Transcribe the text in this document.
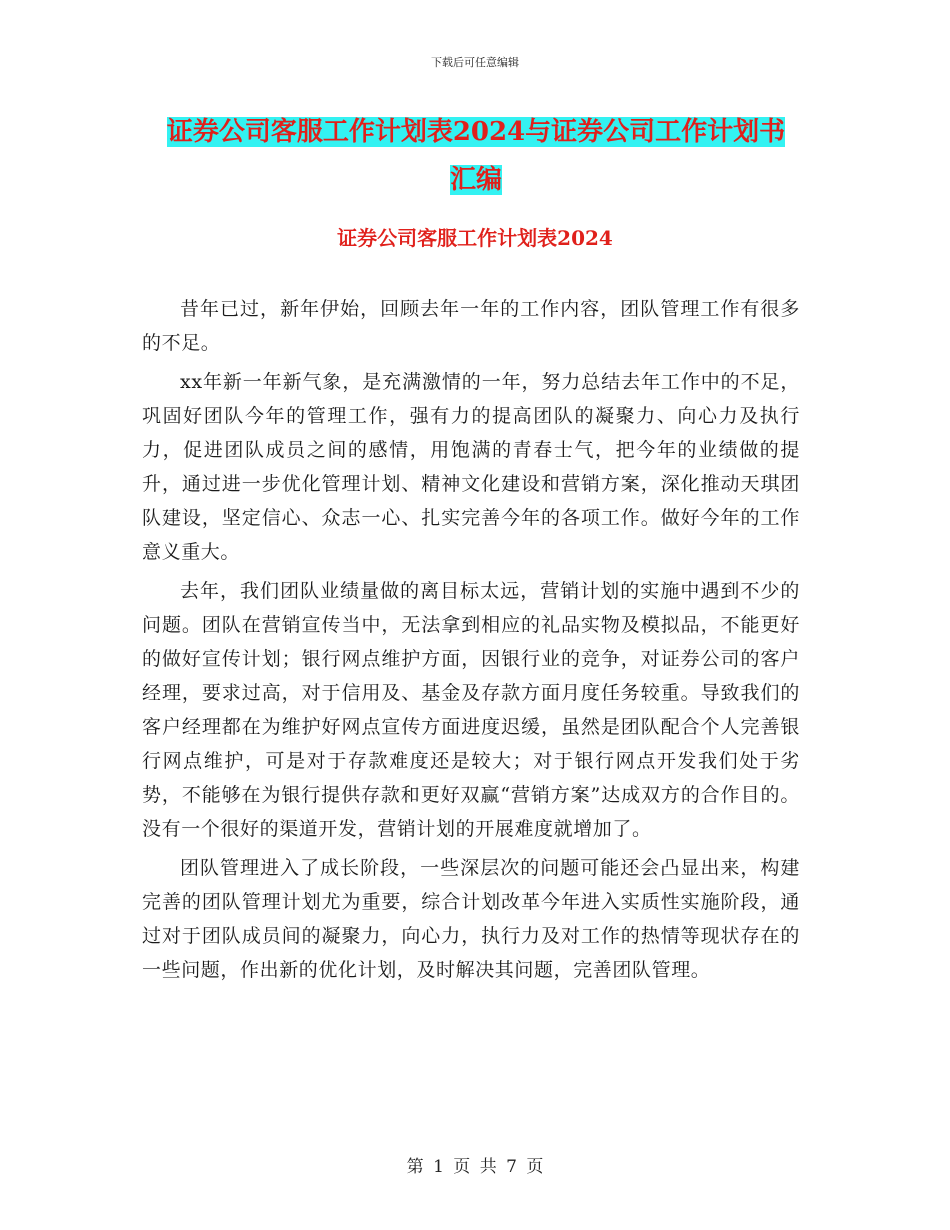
下载后可任意编辑
证券公司客服工作计划表2024与证券公司工作计划书
汇编
证券公司客服工作计划表2024

昔年已过，新年伊始，回顾去年一年的工作内容，团队管理工作有很多的不足。

xx年新一年新气象，是充满激情的一年，努力总结去年工作中的不足，巩固好团队今年的管理工作，强有力的提高团队的凝聚力、向心力及执行力，促进团队成员之间的感情，用饱满的青春士气，把今年的业绩做的提升，通过进一步优化管理计划、精神文化建设和营销方案，深化推动天琪团队建设，坚定信心、众志一心、扎实完善今年的各项工作。做好今年的工作意义重大。

去年，我们团队业绩量做的离目标太远，营销计划的实施中遇到不少的问题。团队在营销宣传当中，无法拿到相应的礼品实物及模拟品，不能更好的做好宣传计划；银行网点维护方面，因银行业的竞争，对证券公司的客户经理，要求过高，对于信用及、基金及存款方面月度任务较重。导致我们的客户经理都在为维护好网点宣传方面进度迟缓，虽然是团队配合个人完善银行网点维护，可是对于存款难度还是较大；对于银行网点开发我们处于劣势，不能够在为银行提供存款和更好双赢“营销方案”达成双方的合作目的。没有一个很好的渠道开发，营销计划的开展难度就增加了。

团队管理进入了成长阶段，一些深层次的问题可能还会凸显出来，构建完善的团队管理计划尤为重要，综合计划改革今年进入实质性实施阶段，通过对于团队成员间的凝聚力，向心力，执行力及对工作的热情等现状存在的一些问题，作出新的优化计划，及时解决其问题，完善团队管理。

第 1 页 共 7 页
